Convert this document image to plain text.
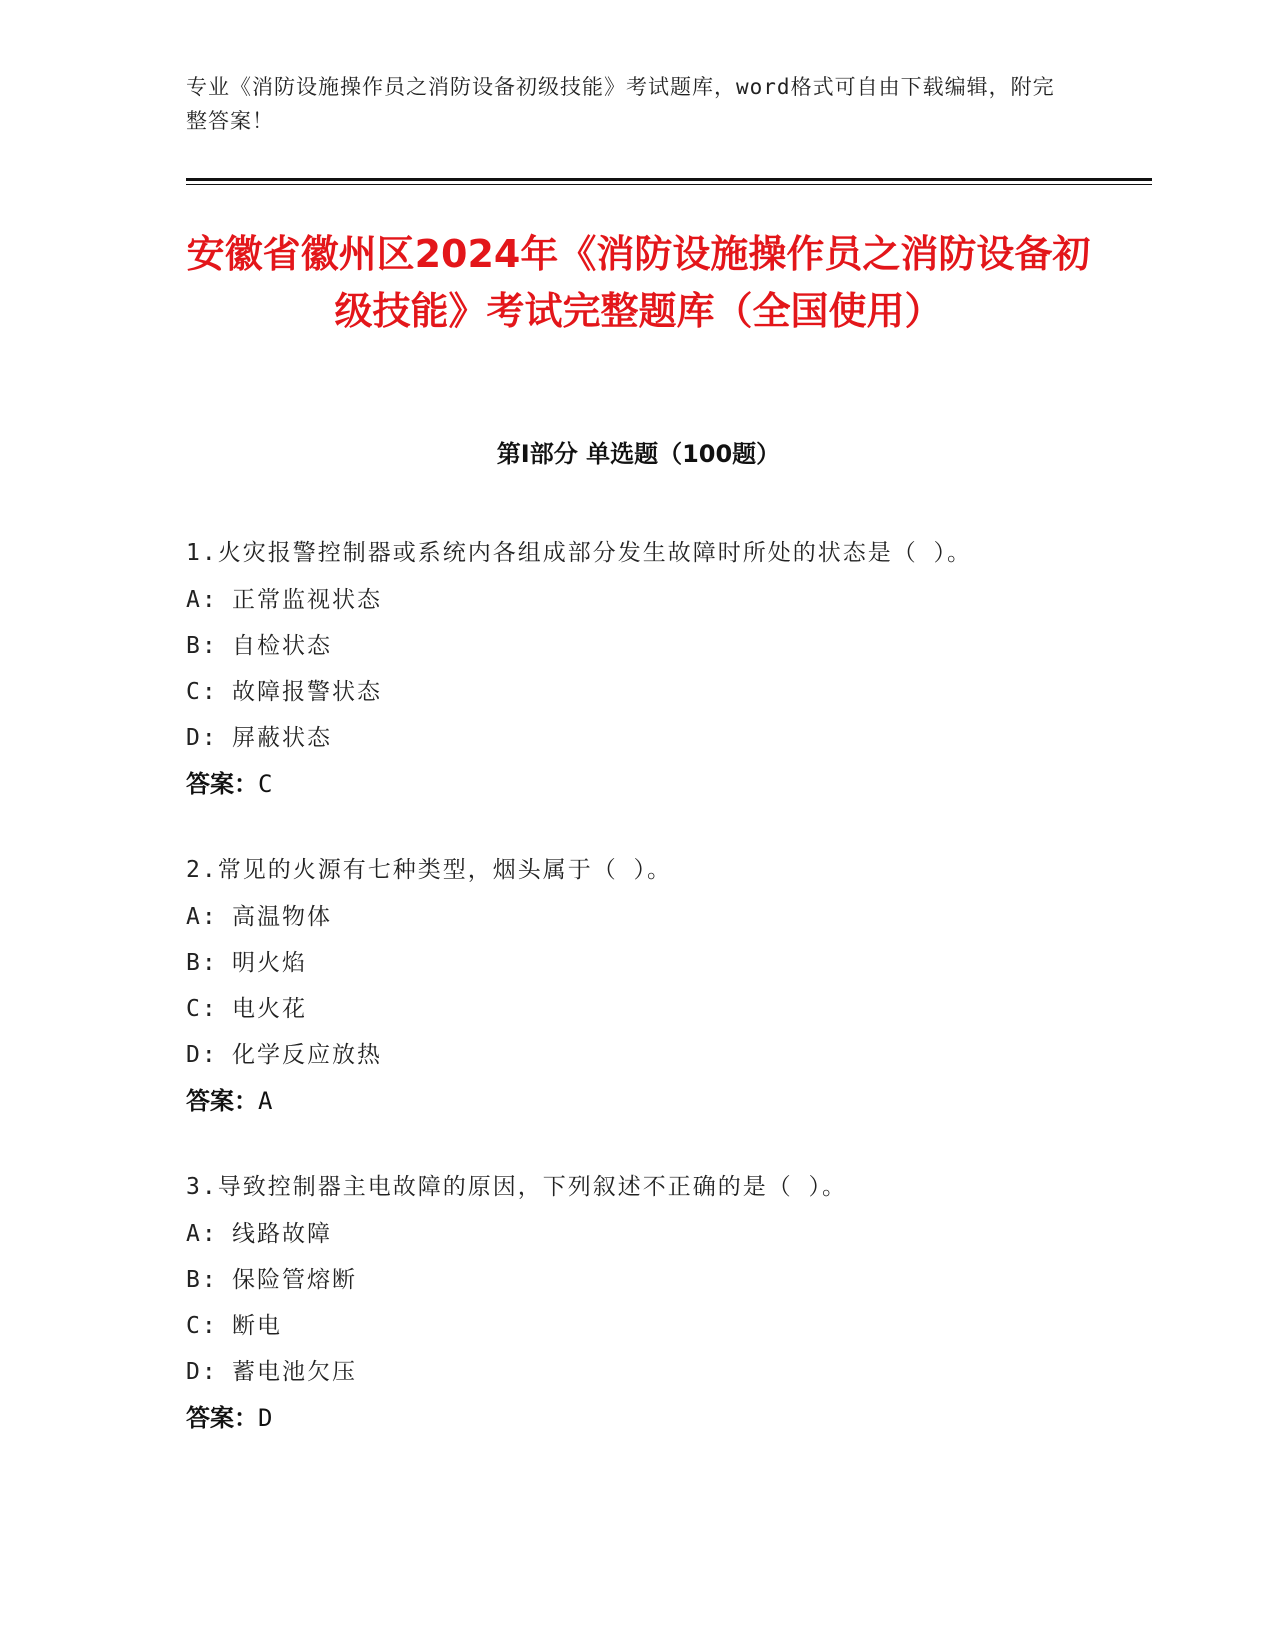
专业《消防设施操作员之消防设备初级技能》考试题库，word格式可自由下载编辑，附完整答案！
安徽省徽州区2024年《消防设施操作员之消防设备初级技能》考试完整题库（全国使用）
第Ⅰ部分 单选题（100题）
1.火灾报警控制器或系统内各组成部分发生故障时所处的状态是（ ）。
A: 正常监视状态
B: 自检状态
C: 故障报警状态
D: 屏蔽状态
答案：C
2.常见的火源有七种类型，烟头属于（ ）。
A: 高温物体
B: 明火焰
C: 电火花
D: 化学反应放热
答案：A
3.导致控制器主电故障的原因，下列叙述不正确的是（ ）。
A: 线路故障
B: 保险管熔断
C: 断电
D: 蓄电池欠压
答案：D
